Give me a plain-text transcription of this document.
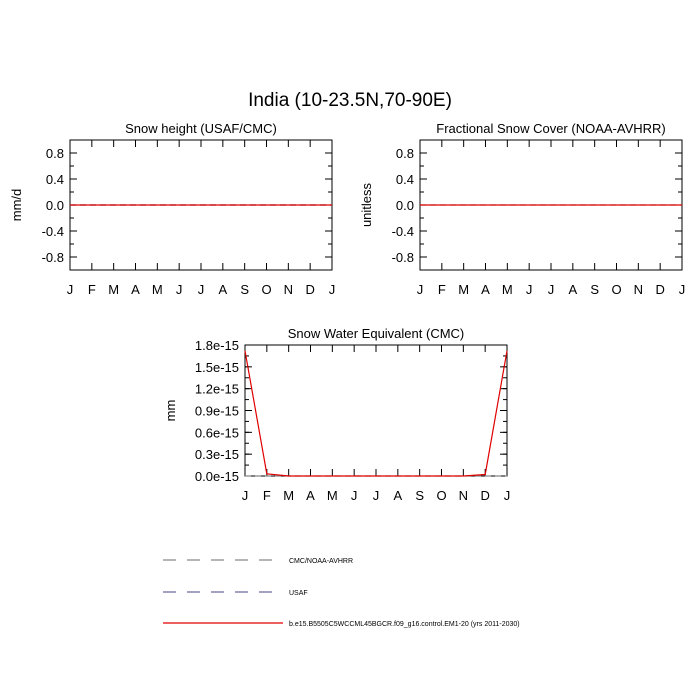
India (10-23.5N,70-90E)
Snow height (USAF/CMC)
mm/d
0.8
0.4
0.0
-0.4
-0.8
J F M A M J J A S O N D J
Fractional Snow Cover (NOAA-AVHRR)
unitless
0.8
0.4
0.0
-0.4
-0.8
J F M A M J J A S O N D J
Snow Water Equivalent (CMC)
mm
1.8e-15
1.5e-15
1.2e-15
0.9e-15
0.6e-15
0.3e-15
0.0e-15
J F M A M J J A S O N D J
CMC/NOAA-AVHRR
USAF
b.e15.B5505C5WCCML45BGCR.f09_g16.control.EM1-20 (yrs 2011-2030)
